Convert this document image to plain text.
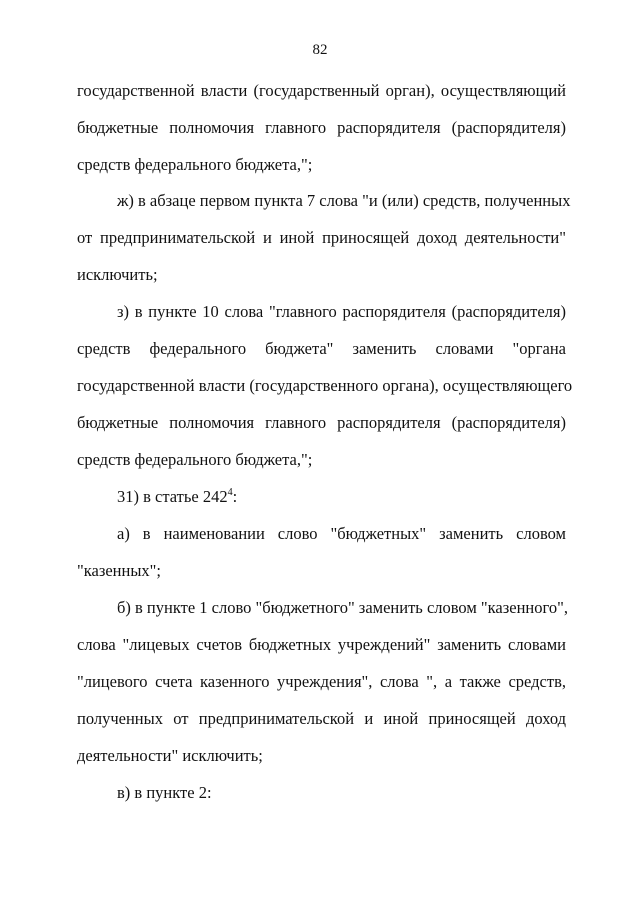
82
государственной власти (государственный орган), осуществляющий
бюджетные полномочия главного распорядителя (распорядителя)
средств федерального бюджета,";
ж) в абзаце первом пункта 7 слова "и (или) средств, полученных
от предпринимательской и иной приносящей доход деятельности"
исключить;
з) в пункте 10 слова "главного распорядителя (распорядителя)
средств федерального бюджета" заменить словами "органа
государственной власти (государственного органа), осуществляющего
бюджетные полномочия главного распорядителя (распорядителя)
средств федерального бюджета,";
31) в статье $242^4$:
а) в наименовании слово "бюджетных" заменить словом
"казенных";
б) в пункте 1 слово "бюджетного" заменить словом "казенного",
слова "лицевых счетов бюджетных учреждений" заменить словами
"лицевого счета казенного учреждения", слова ", а также средств,
полученных от предпринимательской и иной приносящей доход
деятельности" исключить;
в) в пункте 2:
